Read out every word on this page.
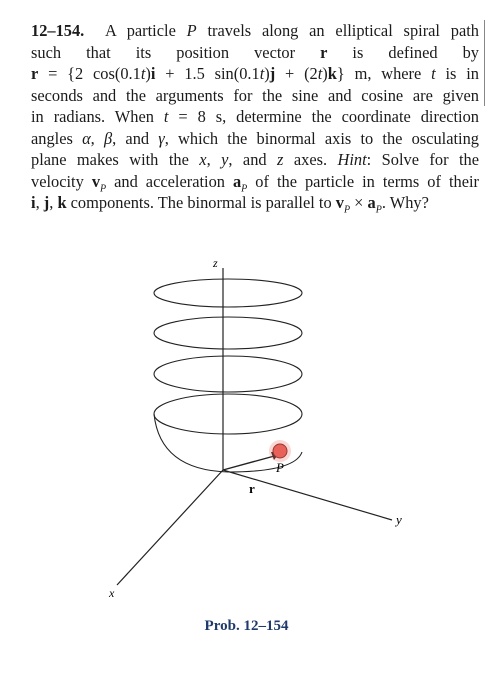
12–154.  A particle P travels along an elliptical spiral path
such  that  its  position  vector  r  is  defined  by
r = {2 cos(0.1t)i + 1.5 sin(0.1t)j + (2t)k} m, where t is in
seconds and the arguments for the sine and cosine are given
in radians. When t = 8 s, determine the coordinate direction
angles α, β, and γ, which the binormal axis to the osculating
plane makes with the x, y, and z axes. Hint: Solve for the
velocity $v_P$ and acceleration $a_P$ of the particle in terms of their
i, j, k components. The binormal is parallel to $v_P \times a_P$. Why?
z
y
x
P
r
Prob. 12–154
